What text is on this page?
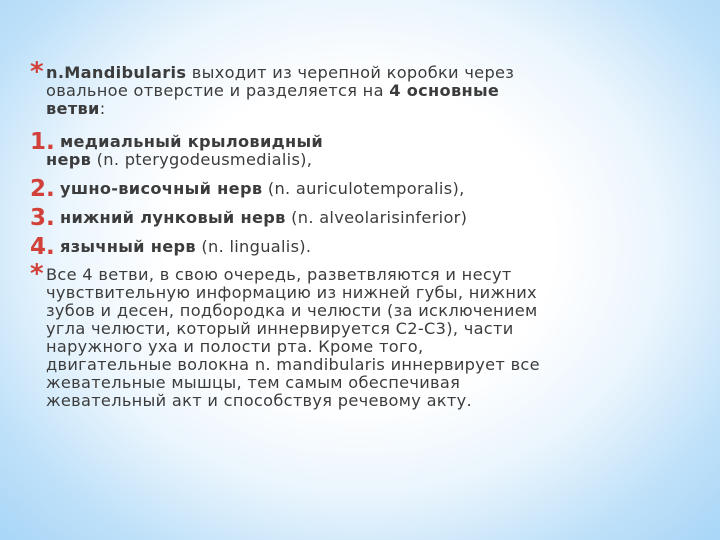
* n.Mandibularis выходит из черепной коробки через
овальное отверстие и разделяется на 4 основные
ветви:
1. медиальный крыловидный
нерв (n. pterygodeusmedialis),
2. ушно-височный нерв (n. auriculotemporalis),
3. нижний лунковый нерв (n. alveolarisinferior)
4. язычный нерв (n. lingualis).
* Все 4 ветви, в свою очередь, разветвляются и несут
чувствительную информацию из нижней губы, нижних
зубов и десен, подбородка и челюсти (за исключением
угла челюсти, который иннервируется С2-С3), части
наружного уха и полости рта. Кроме того,
двигательные волокна n. mandibularis иннервирует все
жевательные мышцы, тем самым обеспечивая
жевательный акт и способствуя речевому акту.
